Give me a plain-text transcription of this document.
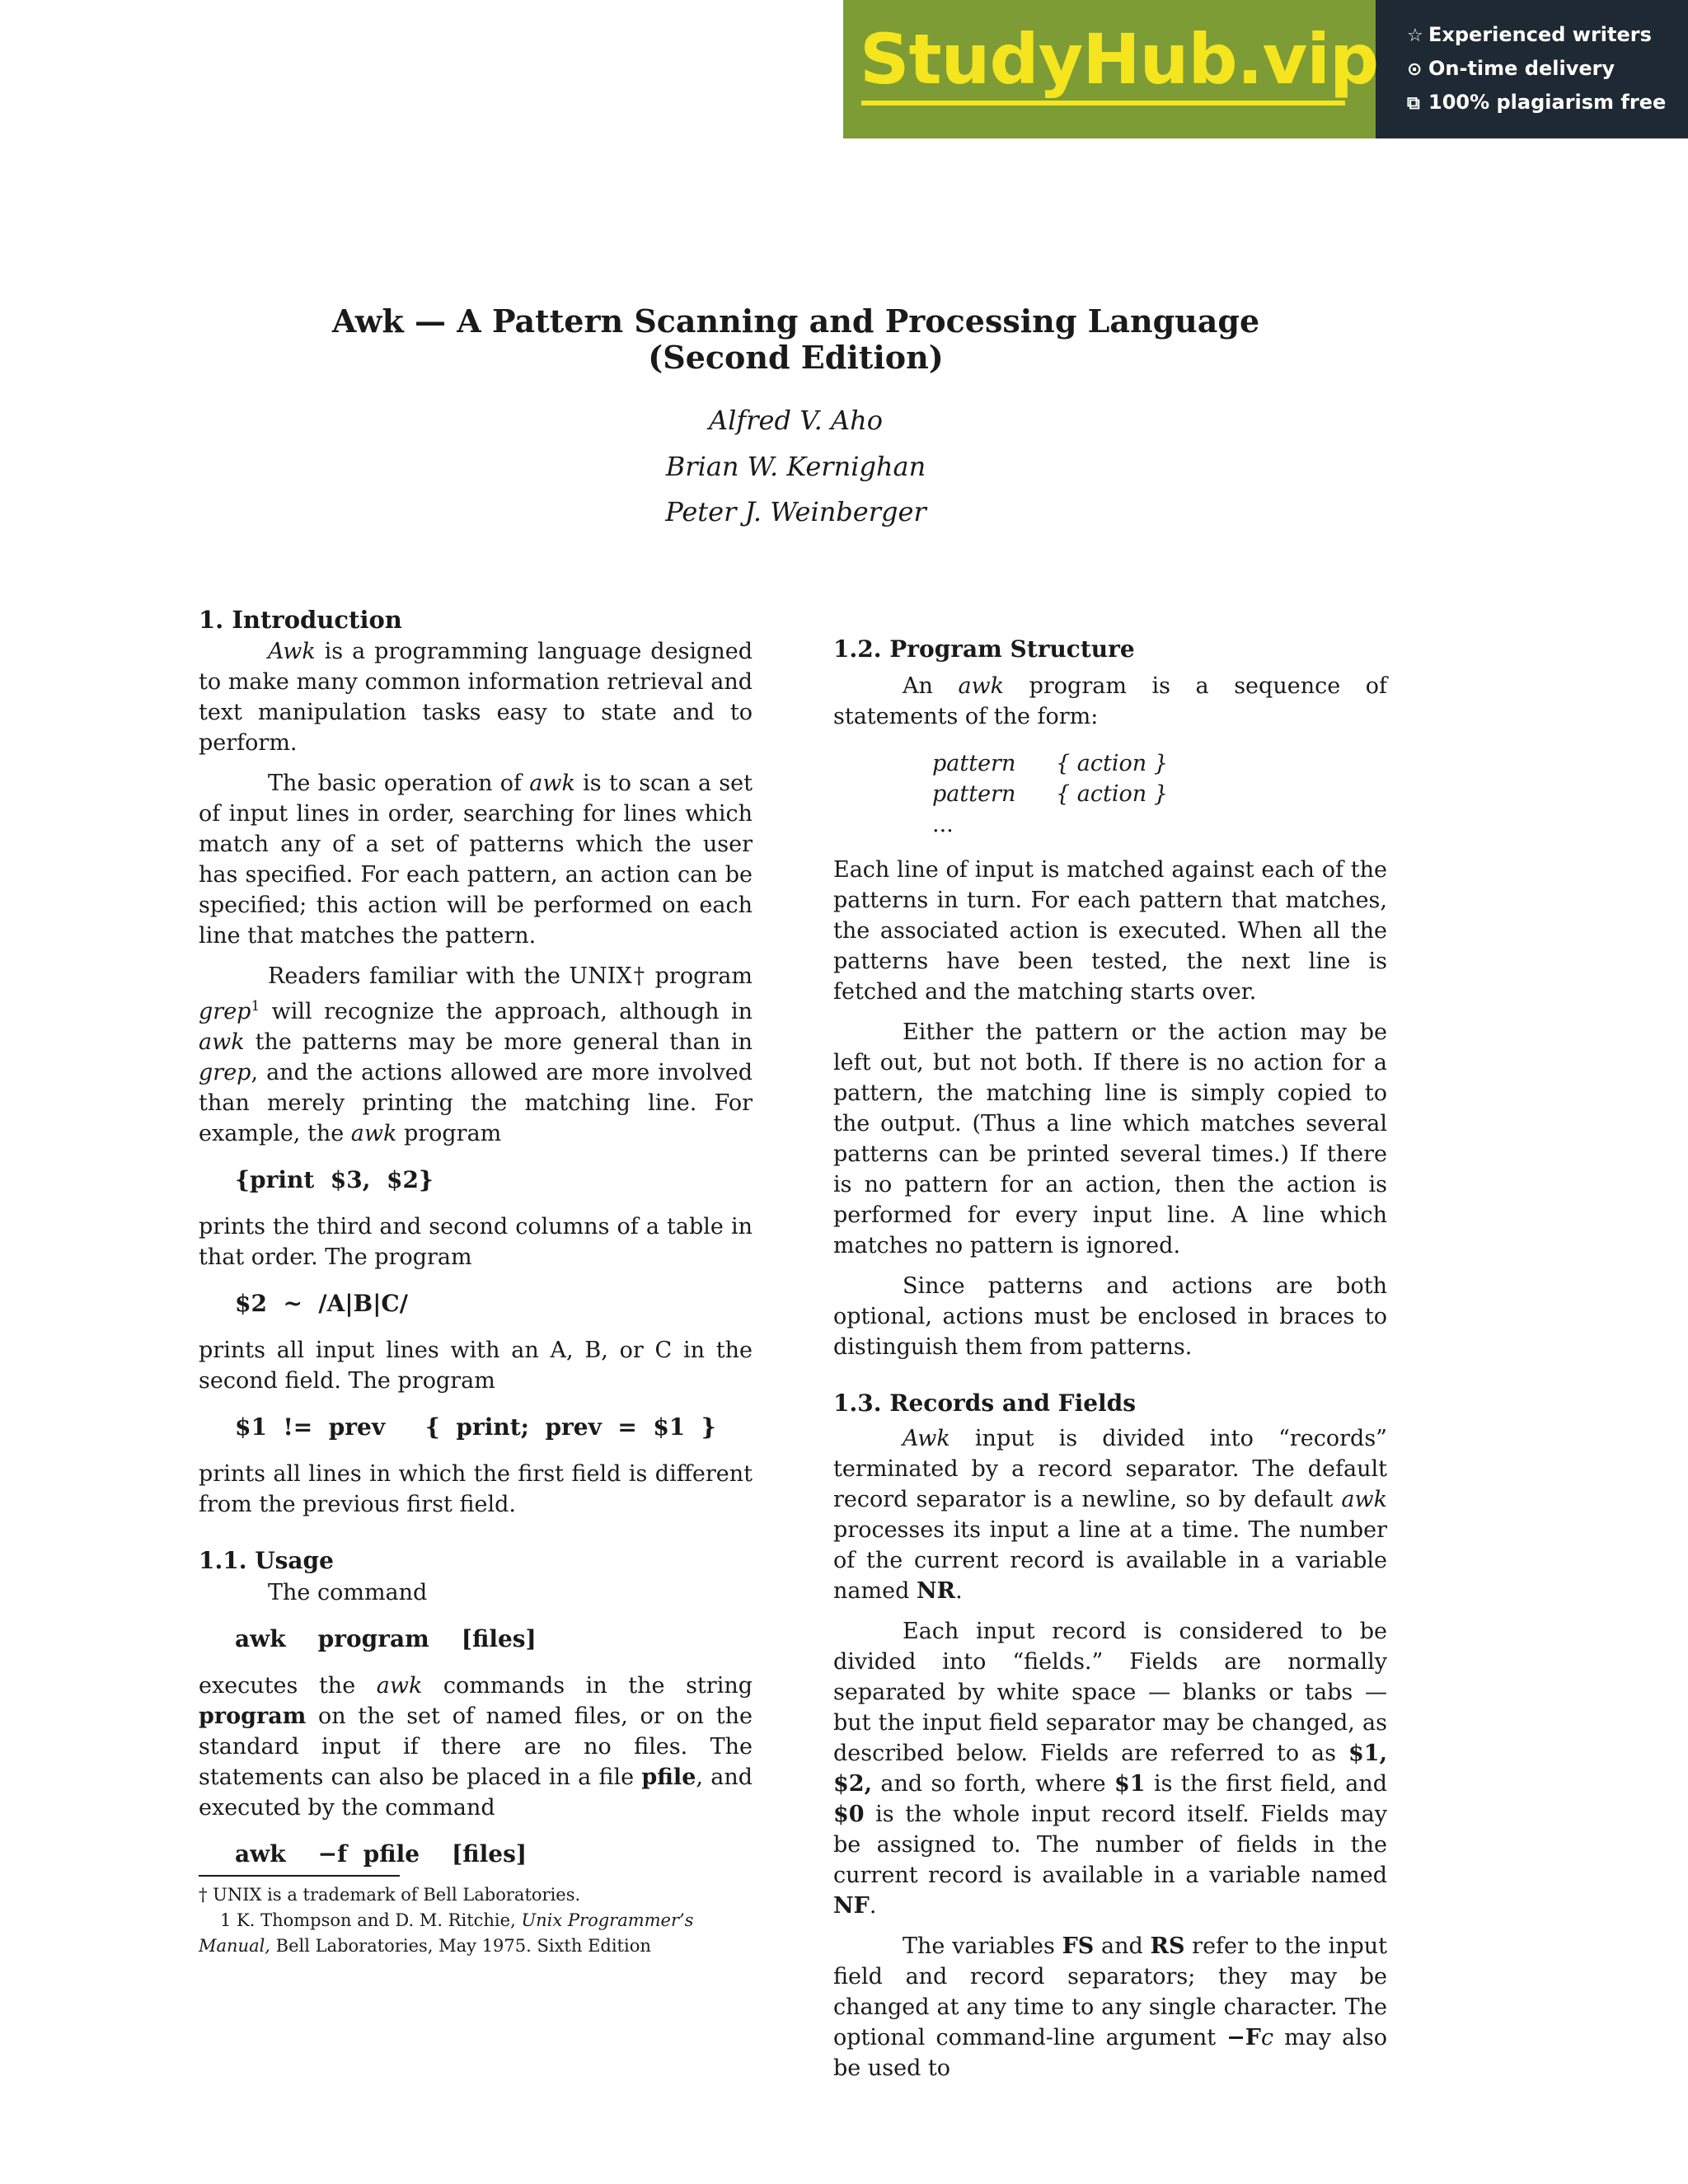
StudyHub.vip ☆ Experienced writers
⊙ On-time delivery
⧉ 100% plagiarism free
Awk — A Pattern Scanning and Processing Language
(Second Edition)
Alfred V. Aho
Brian W. Kernighan
Peter J. Weinberger
1. Introduction

Awk is a programming language designed to make many common information retrieval and text manipulation tasks easy to state and to perform.

The basic operation of awk is to scan a set of input lines in order, searching for lines which match any of a set of patterns which the user has specified. For each pattern, an action can be specified; this action will be performed on each line that matches the pattern.

Readers familiar with the UNIX† program grep$^1$ will recognize the approach, although in awk the patterns may be more general than in grep, and the actions allowed are more involved than merely printing the matching line. For example, the awk program

{print  $3,  $2}

prints the third and second columns of a table in that order. The program

$2  ~  /A|B|C/

prints all input lines with an A, B, or C in the second field. The program

$1  !=  prev     {  print;  prev  =  $1  }

prints all lines in which the first field is different from the previous first field.

1.1. Usage

The command

awk    program    [files]

executes the awk commands in the string program on the set of named files, or on the standard input if there are no files. The statements can also be placed in a file pfile, and executed by the command

awk    −f  pfile    [files]

† UNIX is a trademark of Bell Laboratories.

1 K. Thompson and D. M. Ritchie, Unix Programmer’s Manual, Bell Laboratories, May 1975. Sixth Edition

1.2. Program Structure

An awk program is a sequence of statements of the form:

pattern { action }
pattern { action }
...

Each line of input is matched against each of the patterns in turn. For each pattern that matches, the associated action is executed. When all the patterns have been tested, the next line is fetched and the matching starts over.

Either the pattern or the action may be left out, but not both. If there is no action for a pattern, the matching line is simply copied to the output. (Thus a line which matches several patterns can be printed several times.) If there is no pattern for an action, then the action is performed for every input line. A line which matches no pattern is ignored.

Since patterns and actions are both optional, actions must be enclosed in braces to distinguish them from patterns.

1.3. Records and Fields

Awk input is divided into “records” terminated by a record separator. The default record separator is a newline, so by default awk processes its input a line at a time. The number of the current record is available in a variable named NR.

Each input record is considered to be divided into “fields.” Fields are normally separated by white space — blanks or tabs — but the input field separator may be changed, as described below. Fields are referred to as $1, $2, and so forth, where $1 is the first field, and $0 is the whole input record itself. Fields may be assigned to. The number of fields in the current record is available in a variable named NF.

The variables FS and RS refer to the input field and record separators; they may be changed at any time to any single character. The optional command-line argument −Fc may also be used to
